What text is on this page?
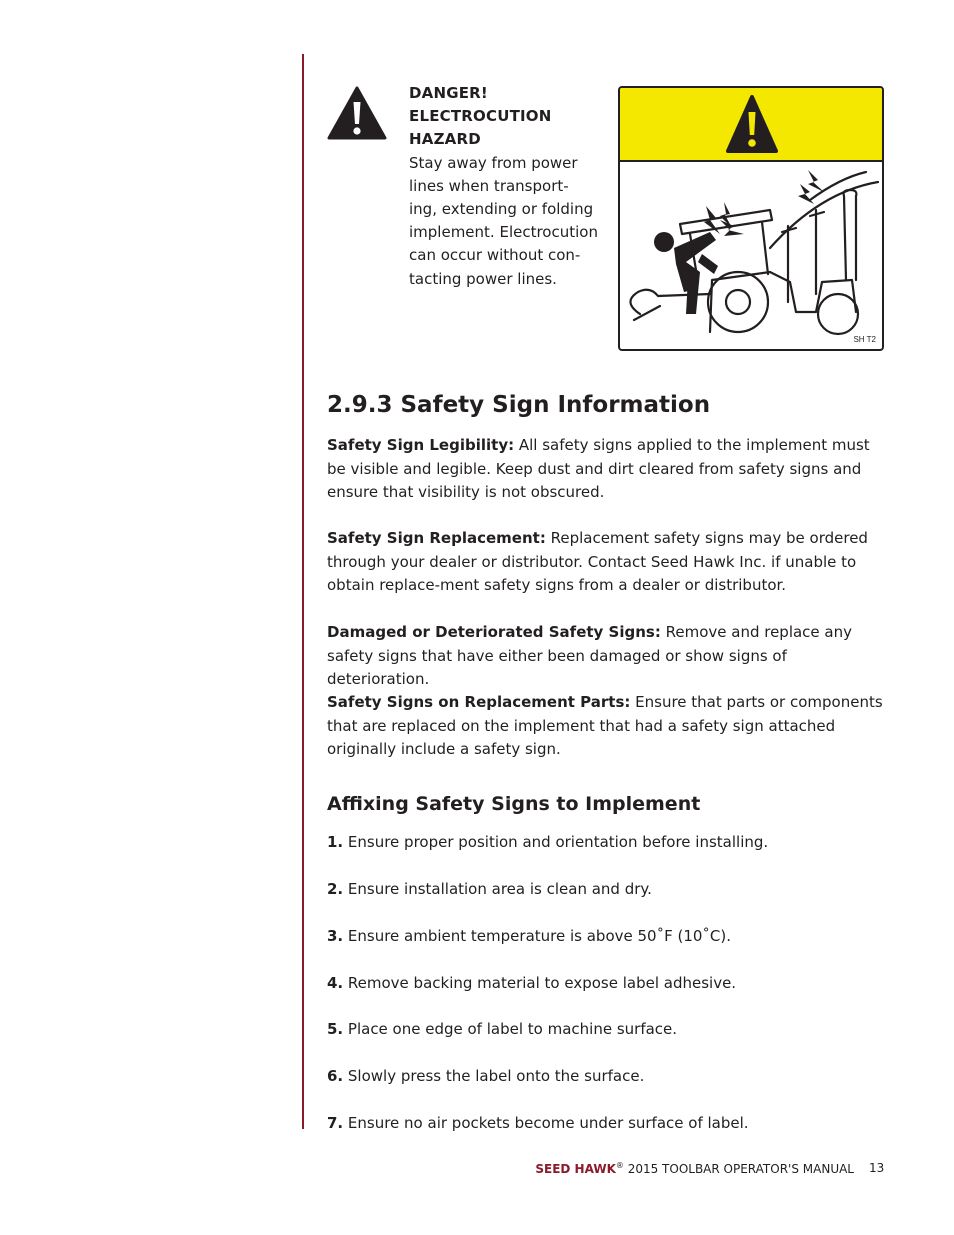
DANGER!
ELECTROCUTION
HAZARD
Stay away from power
lines when transport-
ing, extending or folding
implement. Electrocution
can occur without con-
tacting power lines.
SH T2
2.9.3 Safety Sign Information

Safety Sign Legibility: All safety signs applied to the implement must be visible and legible. Keep dust and dirt cleared from safety signs and ensure that visibility is not obscured.

Safety Sign Replacement: Replacement safety signs may be ordered through your dealer or distributor. Contact Seed Hawk Inc. if unable to obtain replace-ment safety signs from a dealer or distributor.

Damaged or Deteriorated Safety Signs: Remove and replace any safety signs that have either been damaged or show signs of deterioration.

Safety Signs on Replacement Parts: Ensure that parts or components that are replaced on the implement that had a safety sign attached originally include a safety sign.

Affixing Safety Signs to Implement

1. Ensure proper position and orientation before installing.

2. Ensure installation area is clean and dry.

3. Ensure ambient temperature is above 50˚F (10˚C).

4. Remove backing material to expose label adhesive.

5. Place one edge of label to machine surface.

6. Slowly press the label onto the surface.

7. Ensure no air pockets become under surface of label.

SEED HAWK® 2015 TOOLBAR OPERATOR'S MANUAL 13
